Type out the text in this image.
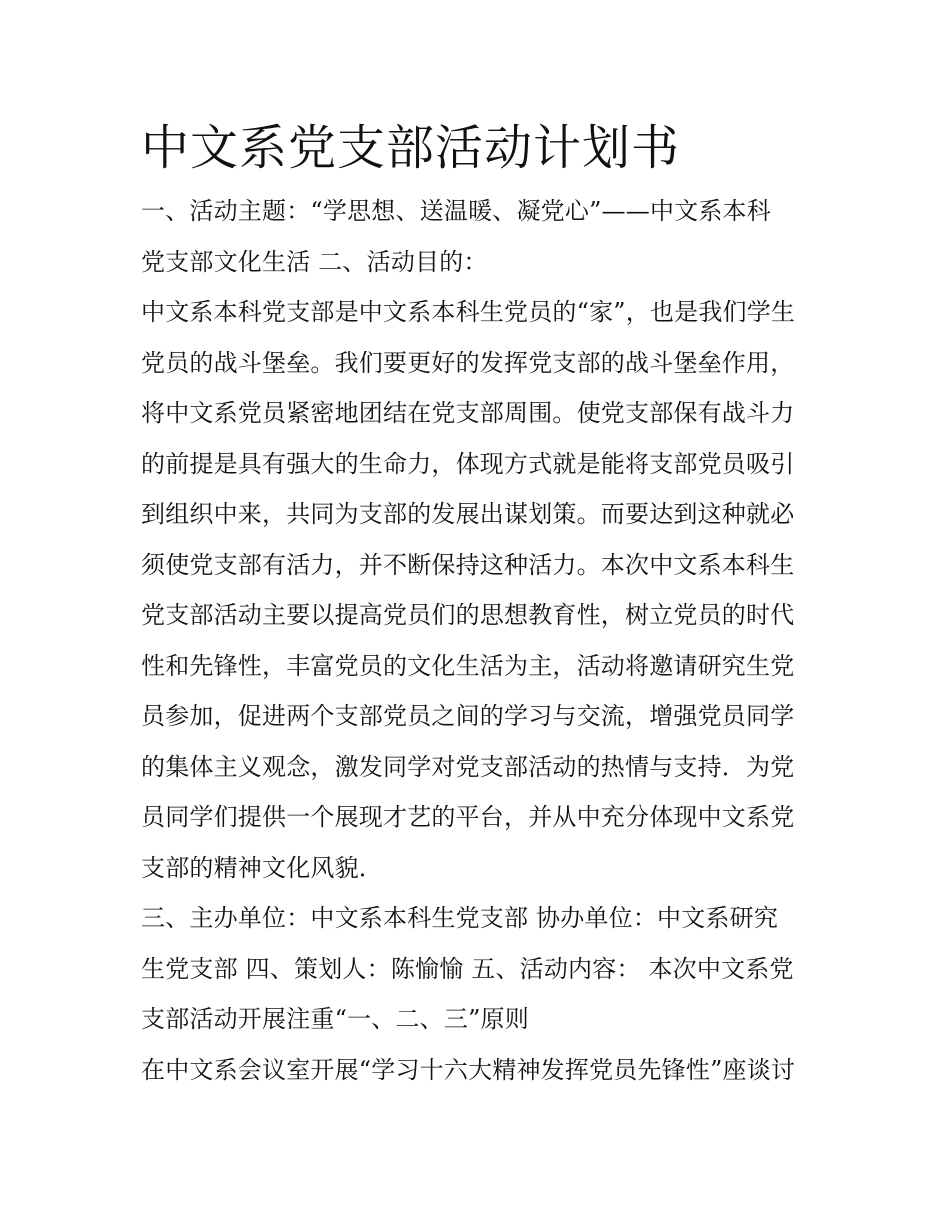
中文系党支部活动计划书
一、活动主题：“学思想、送温暖、凝党心”——中文系本科
党支部文化生活 二、活动目的：
中文系本科党支部是中文系本科生党员的“家”，也是我们学生
党员的战斗堡垒。我们要更好的发挥党支部的战斗堡垒作用，
将中文系党员紧密地团结在党支部周围。使党支部保有战斗力
的前提是具有强大的生命力，体现方式就是能将支部党员吸引
到组织中来，共同为支部的发展出谋划策。而要达到这种就必
须使党支部有活力，并不断保持这种活力。本次中文系本科生
党支部活动主要以提高党员们的思想教育性，树立党员的时代
性和先锋性，丰富党员的文化生活为主，活动将邀请研究生党
员参加，促进两个支部党员之间的学习与交流，增强党员同学
的集体主义观念，激发同学对党支部活动的热情与支持．为党
员同学们提供一个展现才艺的平台，并从中充分体现中文系党
支部的精神文化风貌．
三、主办单位：中文系本科生党支部 协办单位：中文系研究
生党支部 四、策划人：陈愉愉 五、活动内容： 本次中文系党
支部活动开展注重“一、二、三”原则
在中文系会议室开展“学习十六大精神发挥党员先锋性”座谈讨
